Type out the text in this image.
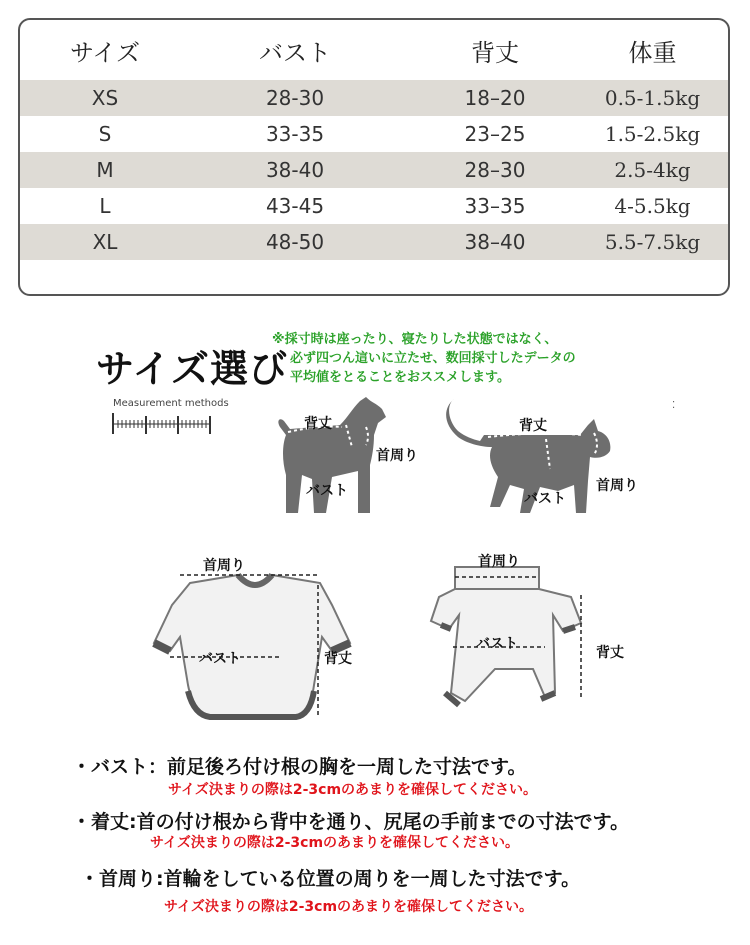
サイズ	バスト	背丈	体重
XS	28-30	18–20	0.5-1.5kg
S	33-35	23–25	1.5-2.5kg
M	38-40	28–30	2.5-4kg
L	43-45	33–35	4-5.5kg
XL	48-50	38–40	5.5-7.5kg
サイズ選び
Measurement methods
※採寸時は座ったり、寝たりした状態ではなく、
必ず四つん這いに立たせ、数回採寸したデータの
平均値をとることをおススメします。
⁚
背丈
首周り
バスト
背丈
首周り
バスト
首周り
バスト	背丈
首周り
バスト
背丈
・バスト：前足後ろ付け根の胸を一周した寸法です。
サイズ決まりの際は2-3cmのあまりを確保してください。
・着丈:首の付け根から背中を通り、尻尾の手前までの寸法です。
サイズ決まりの際は2-3cmのあまりを確保してください。
・首周り:首輪をしている位置の周りを一周した寸法です。
サイズ決まりの際は2-3cmのあまりを確保してください。
